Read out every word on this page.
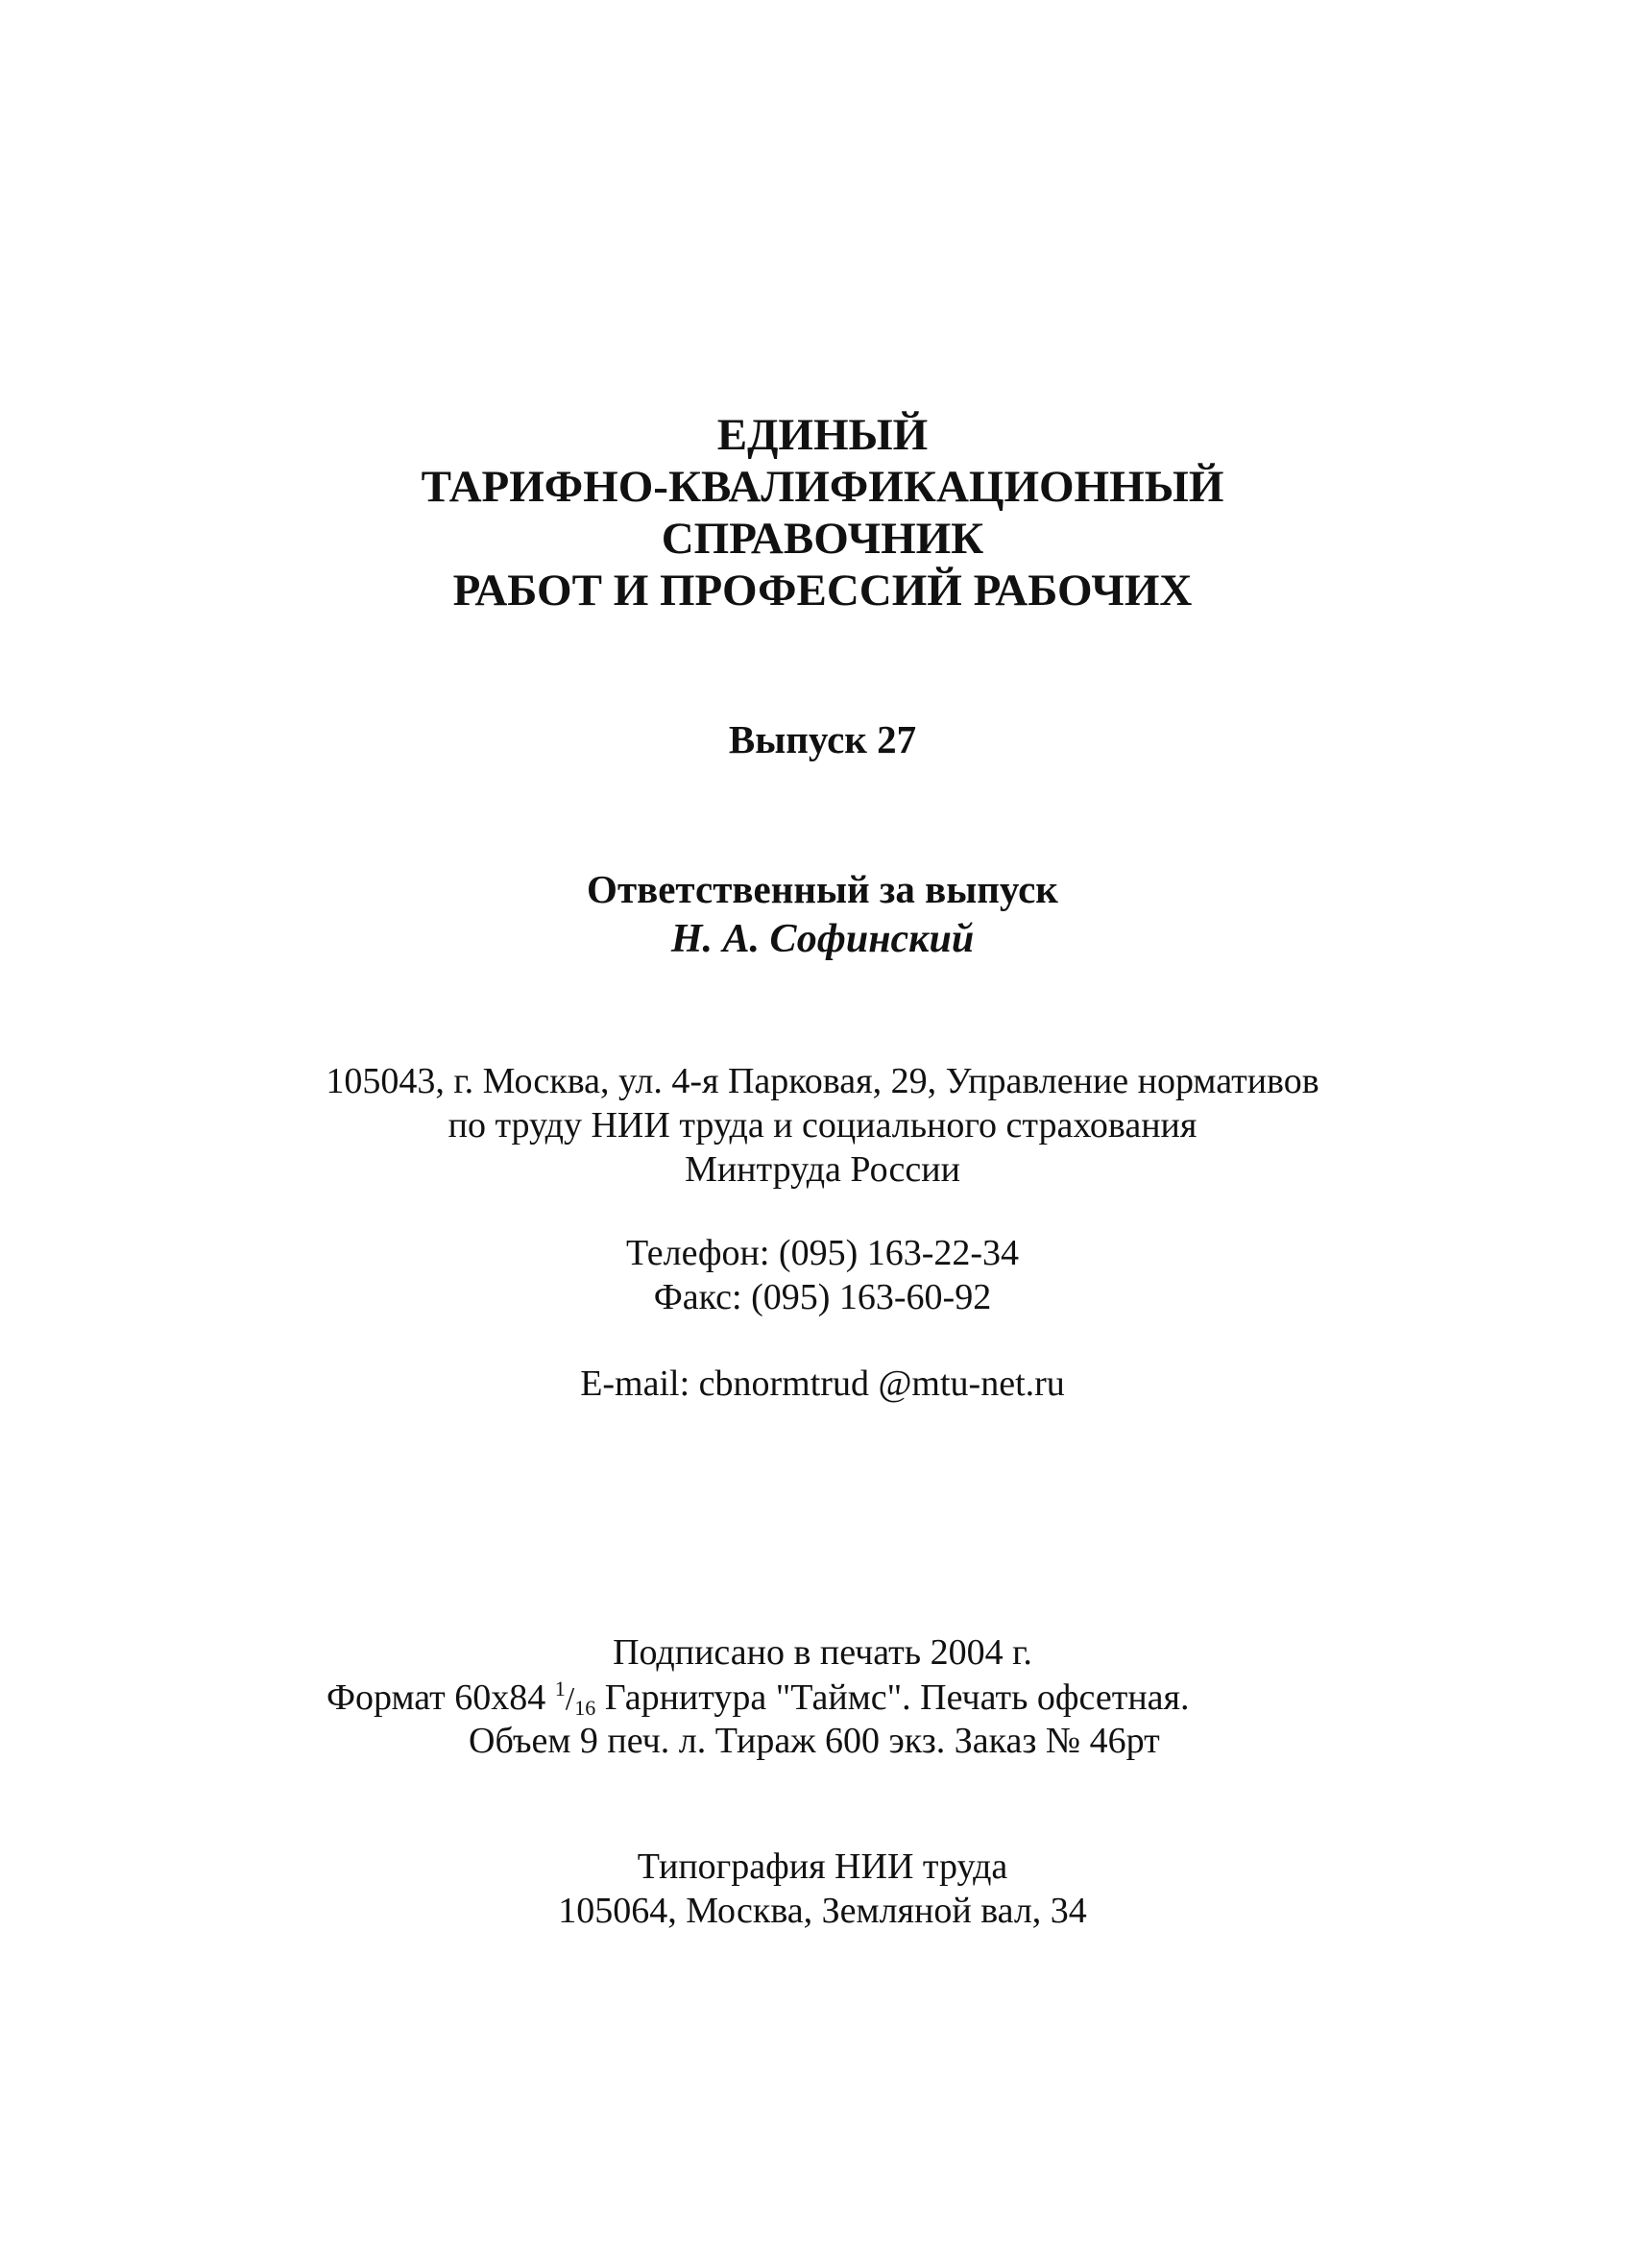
ЕДИНЫЙ
ТАРИФНО-КВАЛИФИКАЦИОННЫЙ
СПРАВОЧНИК
РАБОТ И ПРОФЕССИЙ РАБОЧИХ
Выпуск 27
Ответственный за выпуск
Н. А. Софинский
105043, г. Москва, ул. 4-я Парковая, 29, Управление нормативов
по труду НИИ труда и социального страхования
Минтруда России
Телефон: (095) 163-22-34
Факс: (095) 163-60-92
E-mail: cbnormtrud @mtu-net.ru
Подписано в печать 2004 г.
Формат 60х84 $^1$/16 Гарнитура "Таймс". Печать офсетная.
Объем 9 печ. л. Тираж 600 экз. Заказ № 46рт
Типография НИИ труда
105064, Москва, Земляной вал, 34
